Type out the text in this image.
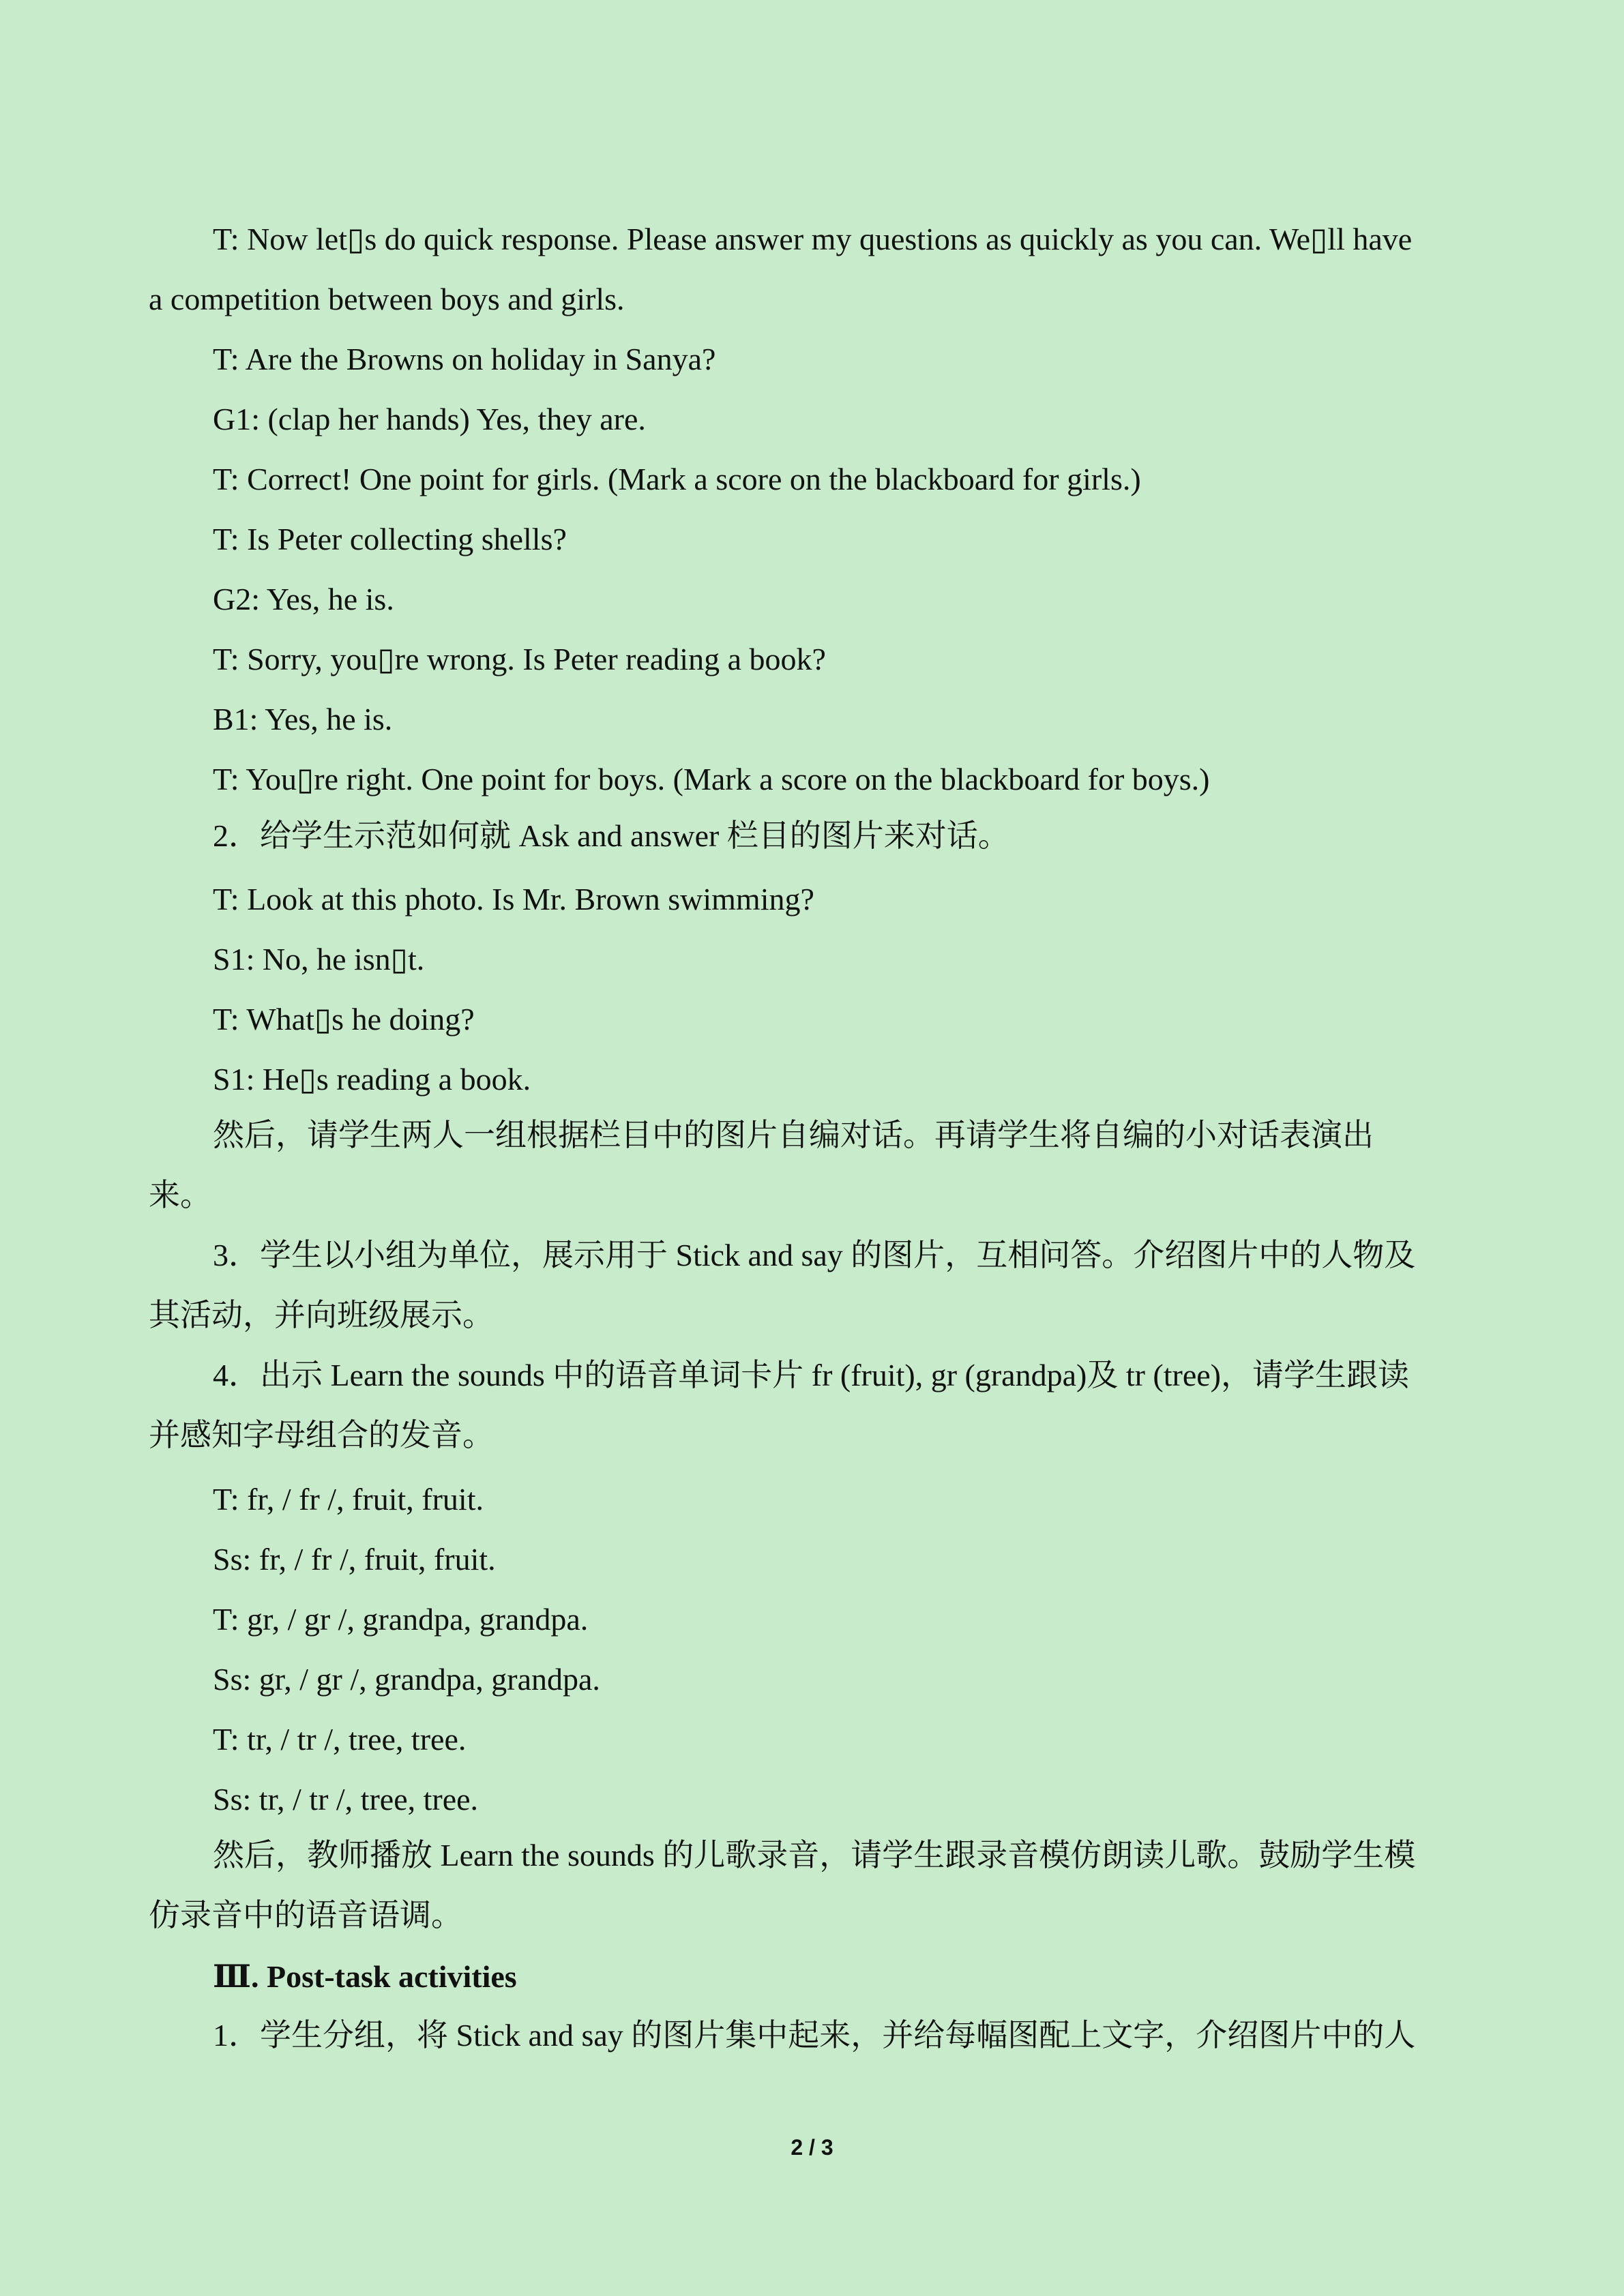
T: Now let▯s do quick response. Please answer my questions as quickly as you can. We▯ll have
a competition between boys and girls.
T: Are the Browns on holiday in Sanya?
G1: (clap her hands) Yes, they are.
T: Correct! One point for girls. (Mark a score on the blackboard for girls.)
T: Is Peter collecting shells?
G2: Yes, he is.
T: Sorry, you▯re wrong. Is Peter reading a book?
B1: Yes, he is.
T: You▯re right. One point for boys. (Mark a score on the blackboard for boys.)
2．给学生示范如何就 Ask and answer 栏目的图片来对话。
T: Look at this photo. Is Mr. Brown swimming?
S1: No, he isn▯t.
T: What▯s he doing?
S1: He▯s reading a book.
然后，请学生两人一组根据栏目中的图片自编对话。再请学生将自编的小对话表演出
来。
3．学生以小组为单位，展示用于 Stick and say 的图片，互相问答。介绍图片中的人物及
其活动，并向班级展示。
4．出示 Learn the sounds 中的语音单词卡片 fr (fruit), gr (grandpa)及 tr (tree)，请学生跟读
并感知字母组合的发音。
T: fr, / fr /, fruit, fruit.
Ss: fr, / fr /, fruit, fruit.
T: gr, / gr /, grandpa, grandpa.
Ss: gr, / gr /, grandpa, grandpa.
T: tr, / tr /, tree, tree.
Ss: tr, / tr /, tree, tree.
然后，教师播放 Learn the sounds 的儿歌录音，请学生跟录音模仿朗读儿歌。鼓励学生模
仿录音中的语音语调。
Ⅲ. Post-task activities
1．学生分组，将 Stick and say 的图片集中起来，并给每幅图配上文字，介绍图片中的人
2 / 3
